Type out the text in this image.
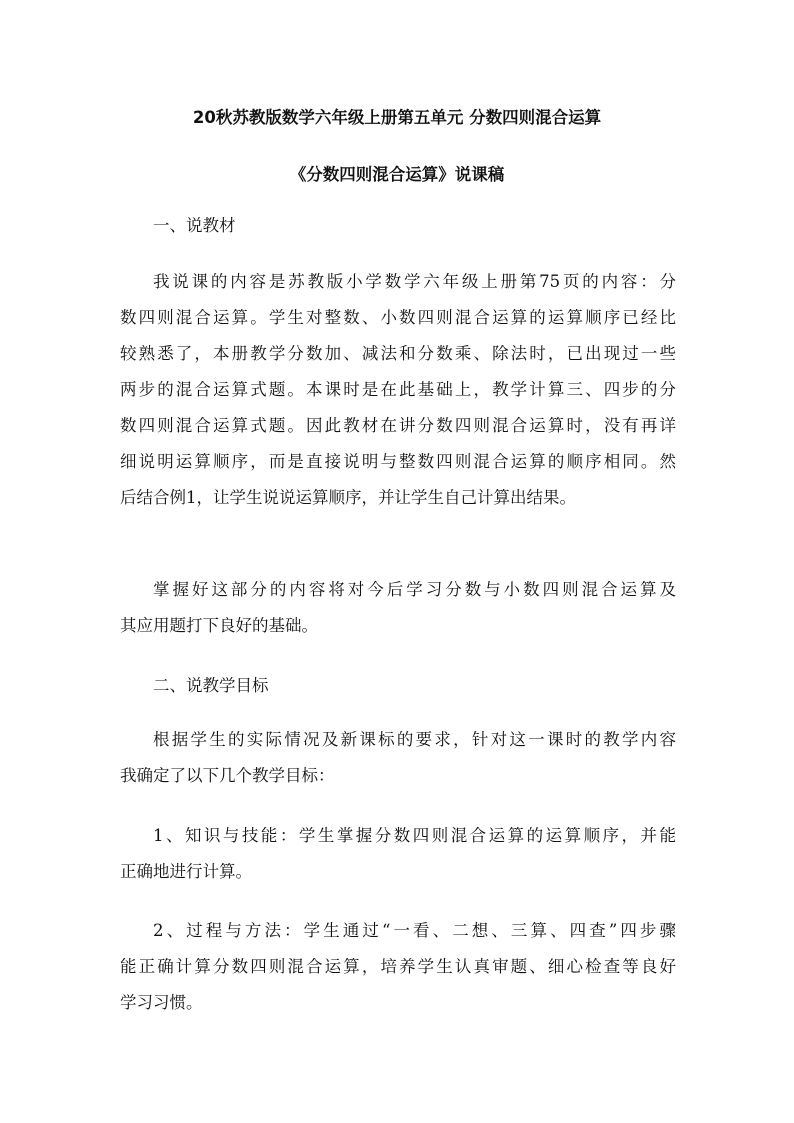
20秋苏教版数学六年级上册第五单元 分数四则混合运算
《分数四则混合运算》说课稿
一、说教材
我说课的内容是苏教版小学数学六年级上册第75页的内容：分
数四则混合运算。学生对整数、小数四则混合运算的运算顺序已经比
较熟悉了，本册教学分数加、减法和分数乘、除法时，已出现过一些
两步的混合运算式题。本课时是在此基础上，教学计算三、四步的分
数四则混合运算式题。因此教材在讲分数四则混合运算时，没有再详
细说明运算顺序，而是直接说明与整数四则混合运算的顺序相同。然
后结合例1，让学生说说运算顺序，并让学生自己计算出结果。
掌握好这部分的内容将对今后学习分数与小数四则混合运算及
其应用题打下良好的基础。
二、说教学目标
根据学生的实际情况及新课标的要求，针对这一课时的教学内容
我确定了以下几个教学目标：
1、知识与技能：学生掌握分数四则混合运算的运算顺序，并能
正确地进行计算。
2、过程与方法：学生通过“一看、二想、三算、四查”四步骤
能正确计算分数四则混合运算，培养学生认真审题、细心检查等良好
学习习惯。
